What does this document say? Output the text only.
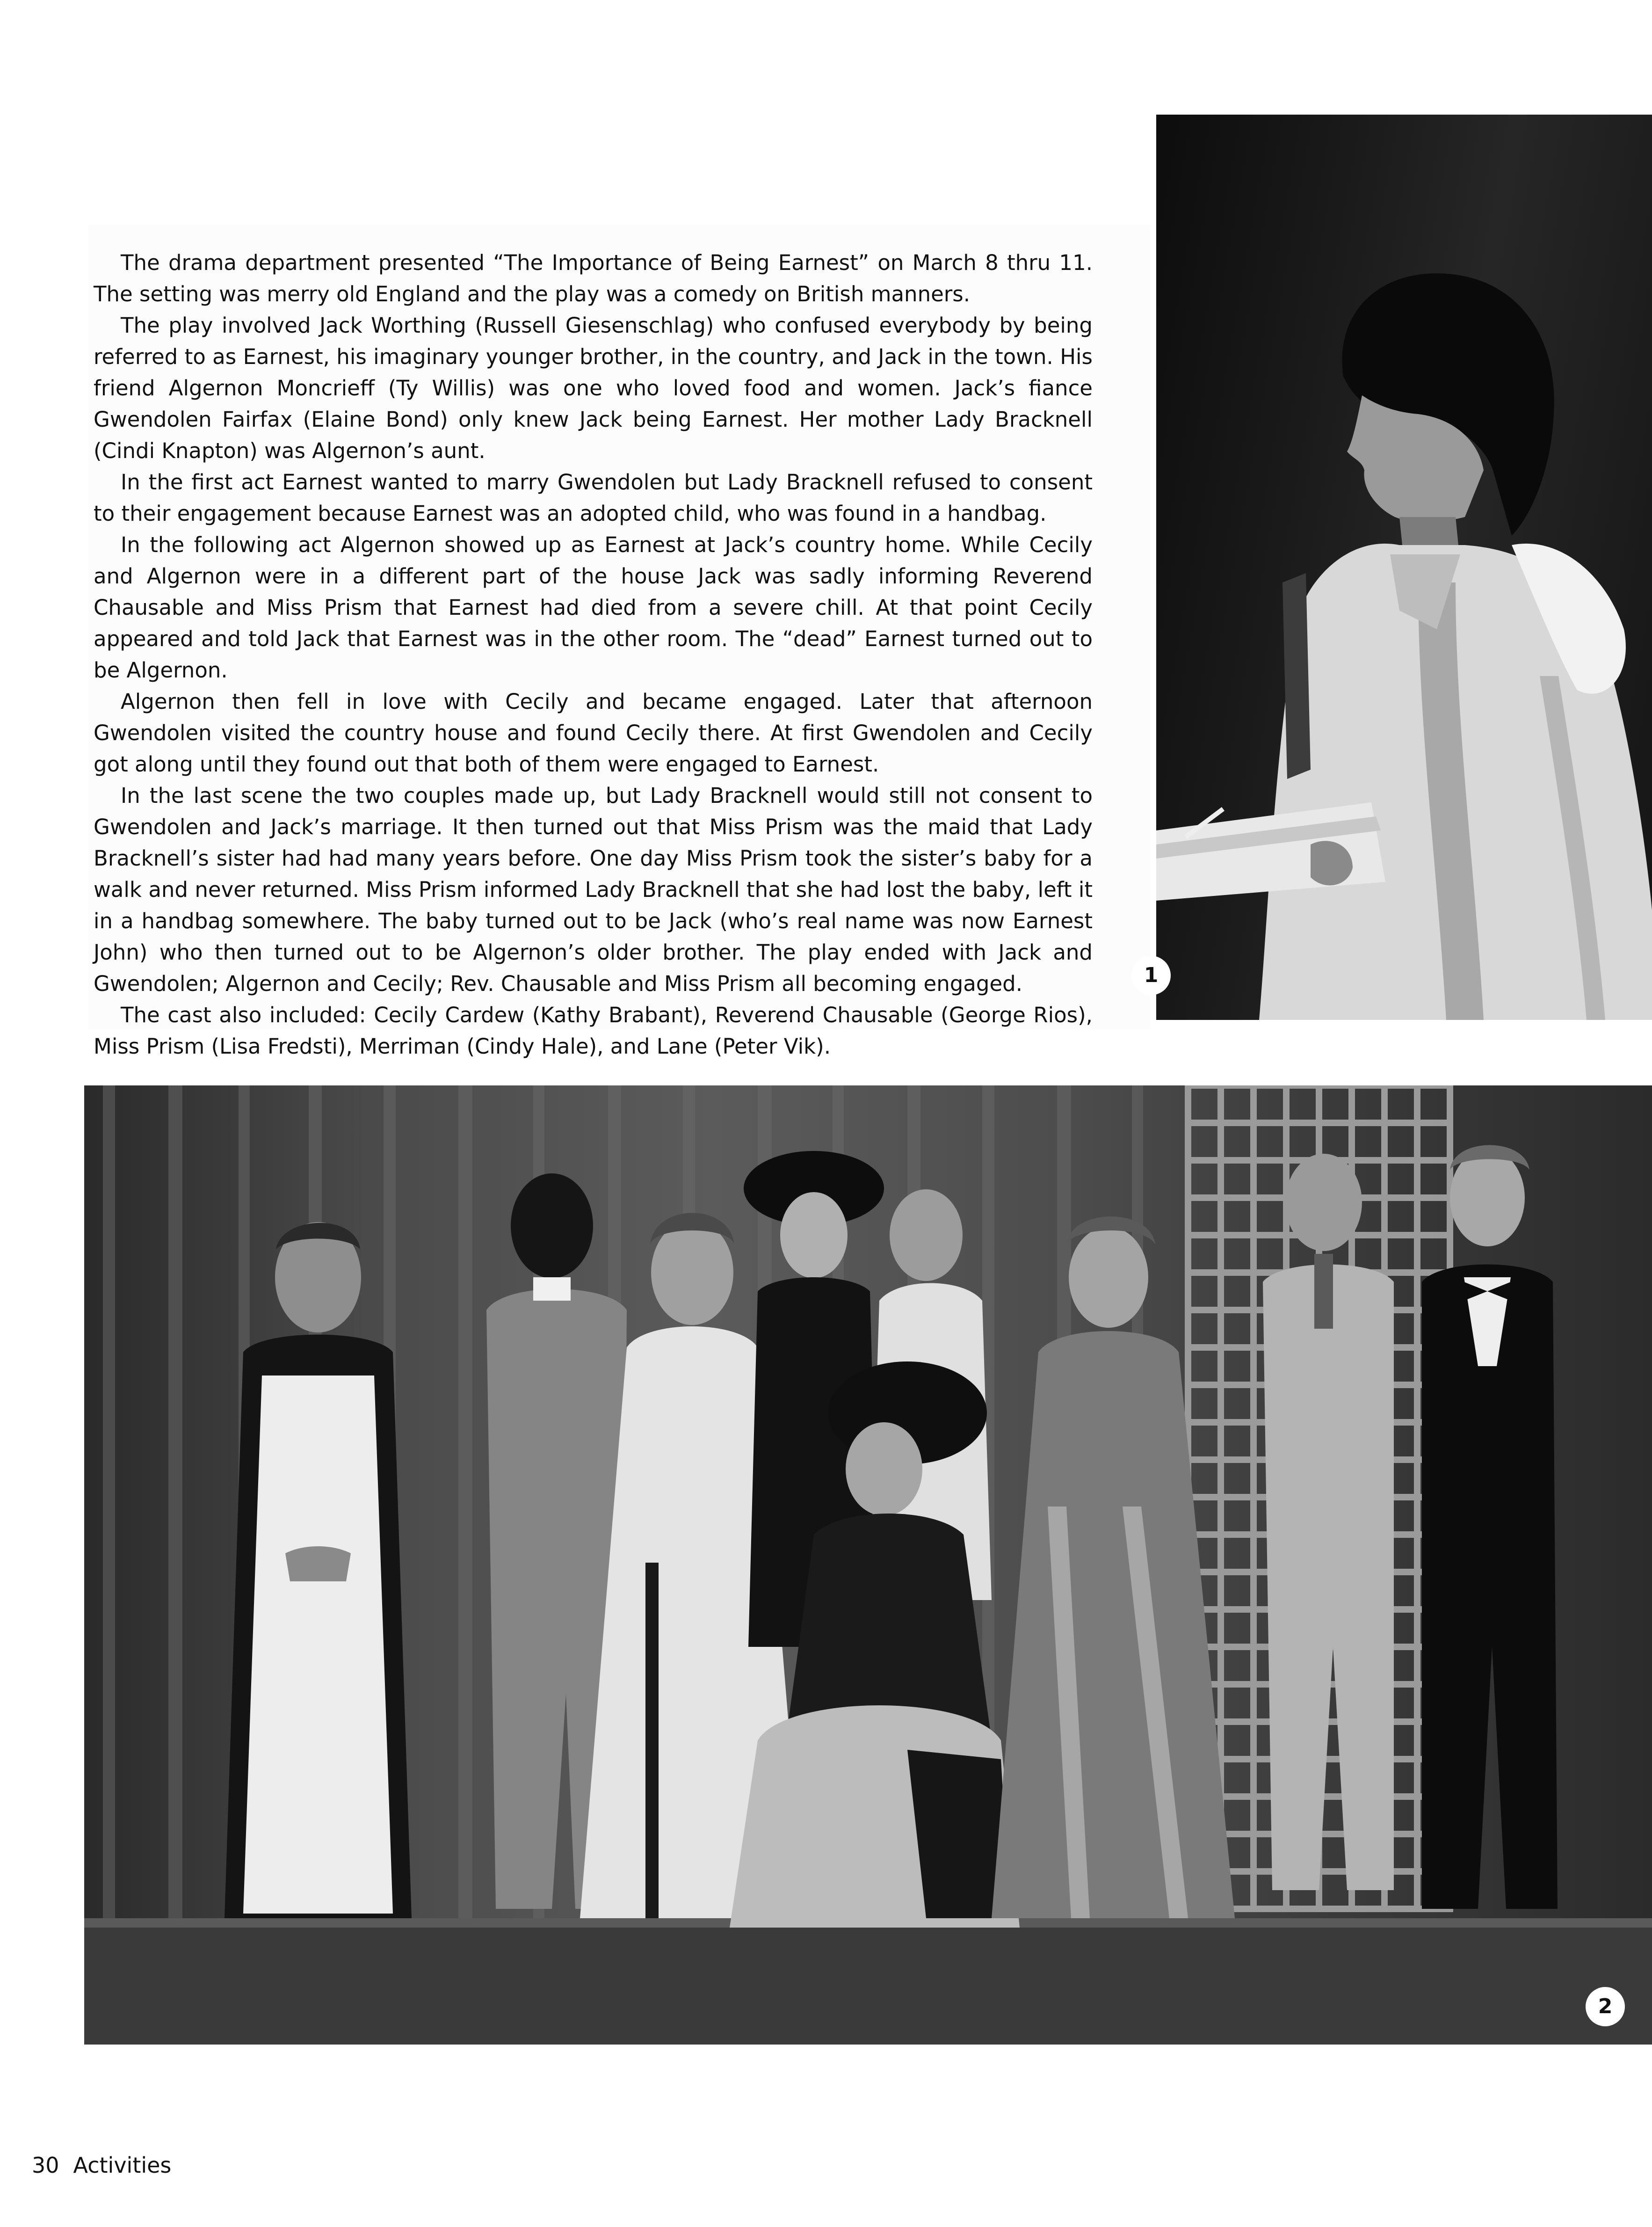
The drama department presented “The Importance of Being Earnest” on March 8 thru 11. The setting was merry old England and the play was a comedy on British manners.

The play involved Jack Worthing (Russell Giesenschlag) who confused everybody by being referred to as Earnest, his imaginary younger brother, in the country, and Jack in the town. His friend Algernon Moncrieff (Ty Willis) was one who loved food and women. Jack’s fiance Gwendolen Fairfax (Elaine Bond) only knew Jack being Earnest. Her mother Lady Bracknell (Cindi Knapton) was Algernon’s aunt.

In the first act Earnest wanted to marry Gwendolen but Lady Bracknell refused to consent to their engagement because Earnest was an adopted child, who was found in a handbag.

In the following act Algernon showed up as Earnest at Jack’s country home. While Cecily and Algernon were in a different part of the house Jack was sadly informing Reverend Chausable and Miss Prism that Earnest had died from a severe chill. At that point Cecily appeared and told Jack that Earnest was in the other room. The “dead” Earnest turned out to be Algernon.

Algernon then fell in love with Cecily and became engaged. Later that afternoon Gwendolen visited the country house and found Cecily there. At first Gwendolen and Cecily got along until they found out that both of them were engaged to Earnest.

In the last scene the two couples made up, but Lady Bracknell would still not consent to Gwendolen and Jack’s marriage. It then turned out that Miss Prism was the maid that Lady Bracknell’s sister had had many years before. One day Miss Prism took the sister’s baby for a walk and never returned. Miss Prism informed Lady Bracknell that she had lost the baby, left it in a handbag somewhere. The baby turned out to be Jack (who’s real name was now Earnest John) who then turned out to be Algernon’s older brother. The play ended with Jack and Gwendolen; Algernon and Cecily; Rev. Chausable and Miss Prism all becoming engaged.

The cast also included: Cecily Cardew (Kathy Brabant), Reverend Chausable (George Rios), Miss Prism (Lisa Fredsti), Merriman (Cindy Hale), and Lane (Peter Vik).

1
2
30 Activities
